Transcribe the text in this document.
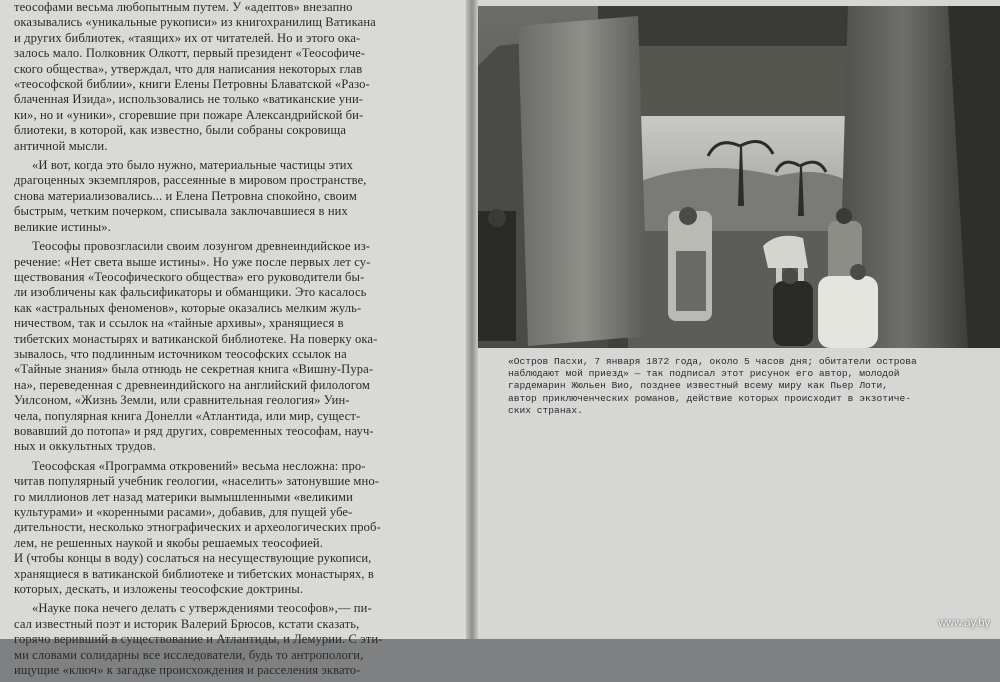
теософами весьма любопытным путем. У «адептов» внезапно
оказывались «уникальные рукописи» из книгохранилищ Ватикана
и других библиотек, «таящих» их от читателей. Но и этого ока-
залось мало. Полковник Олкотт, первый президент «Теософиче-
ского общества», утверждал, что для написания некоторых глав
«теософской библии», книги Елены Петровны Блаватской «Разо-
блаченная Изида», использовались не только «ватиканские уни-
ки», но и «уники», сгоревшие при пожаре Александрийской би-
блиотеки, в которой, как известно, были собраны сокровища
античной мысли.
«И вот, когда это было нужно, материальные частицы этих
драгоценных экземпляров, рассеянные в мировом пространстве,
снова материализовались... и Елена Петровна спокойно, своим
быстрым, четким почерком, списывала заключавшиеся в них
великие истины».
Теософы провозгласили своим лозунгом древнеиндийское из-
речение: «Нет света выше истины». Но уже после первых лет су-
ществования «Теософического общества» его руководители бы-
ли изобличены как фальсификаторы и обманщики. Это касалось
как «астральных феноменов», которые оказались мелким жуль-
ничеством, так и ссылок на «тайные архивы», хранящиеся в
тибетских монастырях и ватиканской библиотеке. На поверку ока-
зывалось, что подлинным источником теософских ссылок на
«Тайные знания» была отнюдь не секретная книга «Вишну-Пура-
на», переведенная с древнеиндийского на английский филологом
Уилсоном, «Жизнь Земли, или сравнительная геология» Уин-
чела, популярная книга Донелли «Атлантида, или мир, сущест-
вовавший до потопа» и ряд других, современных теософам, науч-
ных и оккультных трудов.
Теософская «Программа откровений» весьма несложна: про-
читав популярный учебник геологии, «населить» затонувшие мно-
го миллионов лет назад материки вымышленными «великими
культурами» и «коренными расами», добавив, для пущей убе-
дительности, несколько этнографических и археологических проб-
лем, не решенных наукой и якобы решаемых теософией.
И (чтобы концы в воду) сослаться на несуществующие рукописи,
хранящиеся в ватиканской библиотеке и тибетских монастырях, в
которых, дескать, и изложены теософские доктрины.
«Науке пока нечего делать с утверждениями теософов»,— пи-
сал известный поэт и историк Валерий Брюсов, кстати сказать,
горячо веривший в существование и Атлантиды, и Лемурии. С эти-
ми словами солидарны все исследователи, будь то антропологи,
ищущие «ключ» к загадке происхождения и расселения эквато-
«Остров Пасхи, 7 января 1872 года, около 5 часов дня; обитатели острова
наблюдают мой приезд» — так подписал этот рисунок его автор, молодой
гардемарин Жюльен Вио, позднее известный всему миру как Пьер Лоти,
автор приключенческих романов, действие которых происходит в экзотиче-
ских странах.
www.ay.by
